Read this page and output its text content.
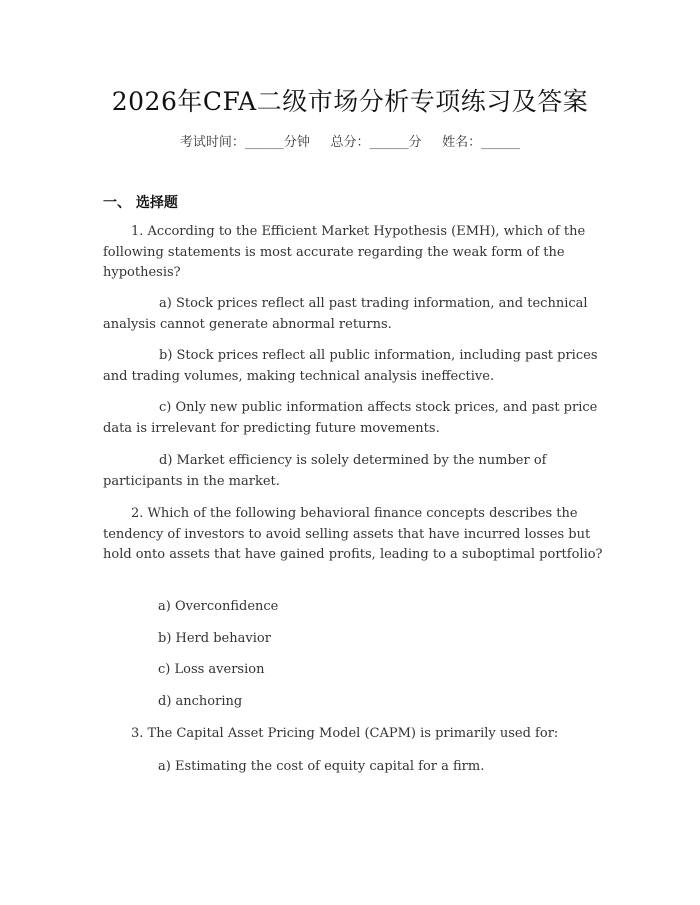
2026年CFA二级市场分析专项练习及答案
考试时间：______分钟     总分：______分     姓名：______
一、 选择题
1. According to the Efficient Market Hypothesis (EMH), which of the following statements is most accurate regarding the weak form of the hypothesis?
a) Stock prices reflect all past trading information, and technical analysis cannot generate abnormal returns.
b) Stock prices reflect all public information, including past prices and trading volumes, making technical analysis ineffective.
c) Only new public information affects stock prices, and past price data is irrelevant for predicting future movements.
d) Market efficiency is solely determined by the number of participants in the market.
2. Which of the following behavioral finance concepts describes the tendency of investors to avoid selling assets that have incurred losses but hold onto assets that have gained profits, leading to a suboptimal portfolio?
a) Overconfidence
b) Herd behavior
c) Loss aversion
d) anchoring
3. The Capital Asset Pricing Model (CAPM) is primarily used for:
a) Estimating the cost of equity capital for a firm.
